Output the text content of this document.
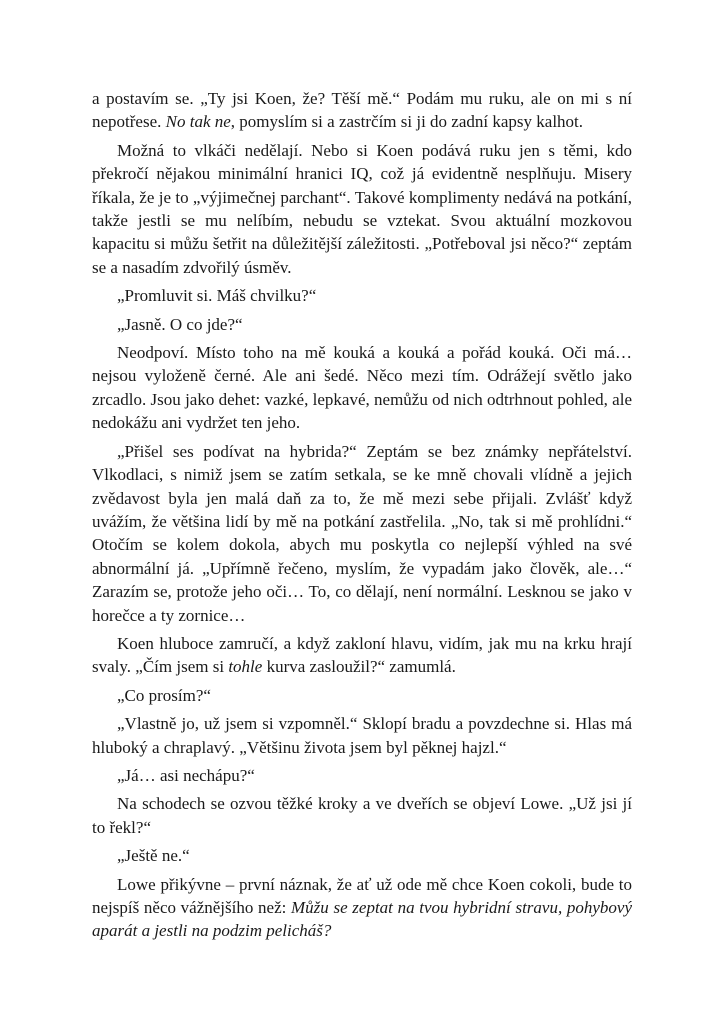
a postavím se. „Ty jsi Koen, že? Těší mě.“ Podám mu ruku, ale on mi s ní nepotřese. No tak ne, pomyslím si a zastrčím si ji do zadní kapsy kalhot.

Možná to vlkáči nedělají. Nebo si Koen podává ruku jen s těmi, kdo překročí nějakou minimální hranici IQ, což já evidentně nesplňuju. Misery říkala, že je to „výjimečnej parchant“. Takové komplimenty nedává na potkání, takže jestli se mu nelíbím, nebudu se vztekat. Svou aktuální mozkovou kapacitu si můžu šetřit na důležitější záležitosti. „Potřeboval jsi něco?“ zeptám se a nasadím zdvořilý úsměv.

„Promluvit si. Máš chvilku?“

„Jasně. O co jde?“

Neodpoví. Místo toho na mě kouká a kouká a pořád kouká. Oči má… nejsou vyloženě černé. Ale ani šedé. Něco mezi tím. Odrážejí světlo jako zrcadlo. Jsou jako dehet: vazké, lepkavé, nemůžu od nich odtrhnout pohled, ale nedokážu ani vydržet ten jeho.

„Přišel ses podívat na hybrida?“ Zeptám se bez známky nepřátelství. Vlkodlaci, s nimiž jsem se zatím setkala, se ke mně chovali vlídně a jejich zvědavost byla jen malá daň za to, že mě mezi sebe přijali. Zvlášť když uvážím, že většina lidí by mě na potkání zastřelila. „No, tak si mě prohlídni.“ Otočím se kolem dokola, abych mu poskytla co nejlepší výhled na své abnormální já. „Upřímně řečeno, myslím, že vypadám jako člověk, ale…“ Zarazím se, protože jeho oči… To, co dělají, není normální. Lesknou se jako v horečce a ty zornice…

Koen hluboce zamručí, a když zakloní hlavu, vidím, jak mu na krku hrají svaly. „Čím jsem si tohle kurva zasloužil?“ zamumlá.

„Co prosím?“

„Vlastně jo, už jsem si vzpomněl.“ Sklopí bradu a povzdechne si. Hlas má hluboký a chraplavý. „Většinu života jsem byl pěknej hajzl.“

„Já… asi nechápu?“

Na schodech se ozvou těžké kroky a ve dveřích se objeví Lowe. „Už jsi jí to řekl?“

„Ještě ne.“

Lowe přikývne – první náznak, že ať už ode mě chce Koen cokoli, bude to nejspíš něco vážnějšího než: Můžu se zeptat na tvou hybridní stravu, pohybový aparát a jestli na podzim pelicháš?
